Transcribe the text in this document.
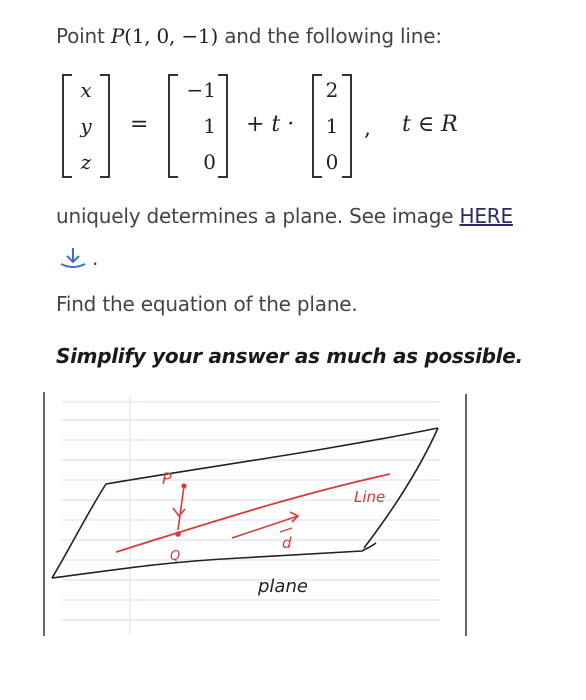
Point P(1, 0, −1) and the following line:
x
y
z
=
−1
1
0
+ t ·
2
1
0
, t ∈ R
uniquely determines a plane. See image HERE
.
Find the equation of the plane.
Simplify your answer as much as possible.
P
Q
Line
d
plane
